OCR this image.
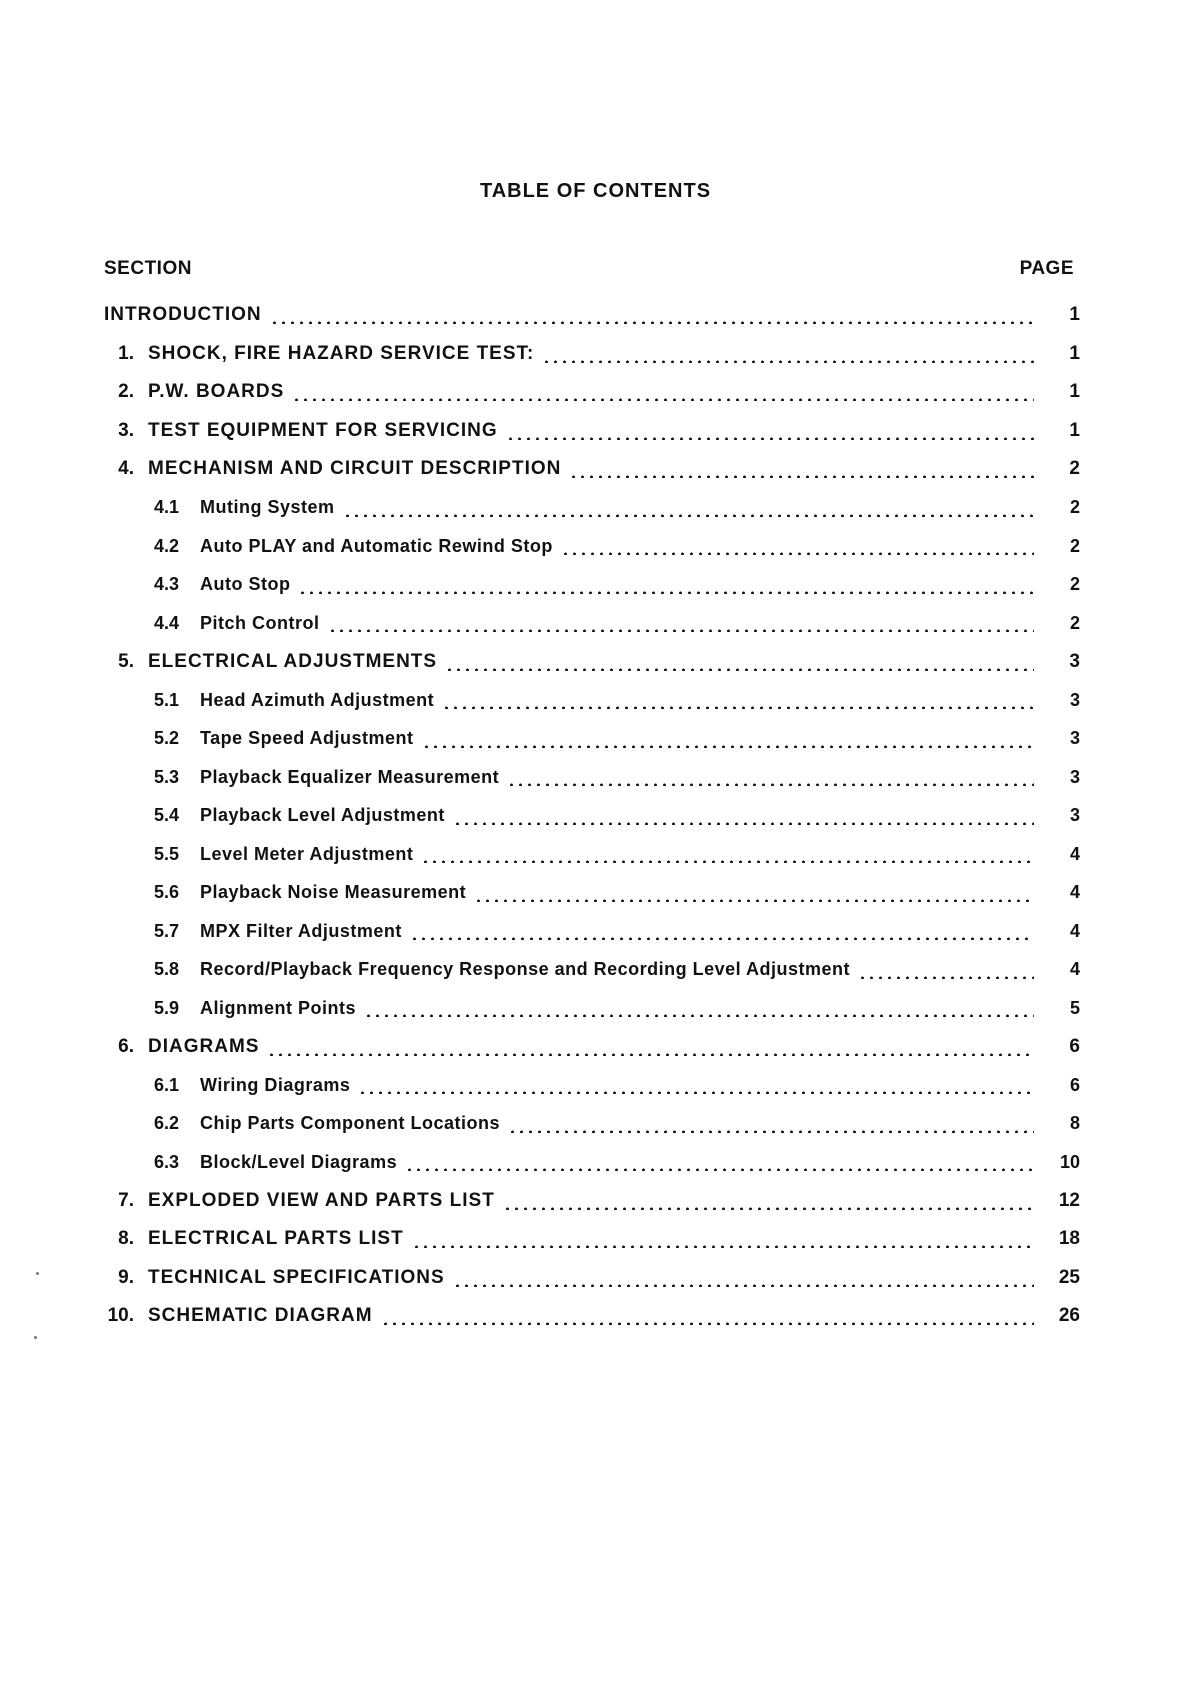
TABLE OF CONTENTS
SECTION	PAGE
INTRODUCTION	1
1. SHOCK, FIRE HAZARD SERVICE TEST:	1
2. P.W. BOARDS	1
3. TEST EQUIPMENT FOR SERVICING	1
4. MECHANISM AND CIRCUIT DESCRIPTION	2
4.1 Muting System	2
4.2 Auto PLAY and Automatic Rewind Stop	2
4.3 Auto Stop	2
4.4 Pitch Control	2
5. ELECTRICAL ADJUSTMENTS	3
5.1 Head Azimuth Adjustment	3
5.2 Tape Speed Adjustment	3
5.3 Playback Equalizer Measurement	3
5.4 Playback Level Adjustment	3
5.5 Level Meter Adjustment	4
5.6 Playback Noise Measurement	4
5.7 MPX Filter Adjustment	4
5.8 Record/Playback Frequency Response and Recording Level Adjustment	4
5.9 Alignment Points	5
6. DIAGRAMS	6
6.1 Wiring Diagrams	6
6.2 Chip Parts Component Locations	8
6.3 Block/Level Diagrams	10
7. EXPLODED VIEW AND PARTS LIST	12
8. ELECTRICAL PARTS LIST	18
9. TECHNICAL SPECIFICATIONS	25
10. SCHEMATIC DIAGRAM	26
